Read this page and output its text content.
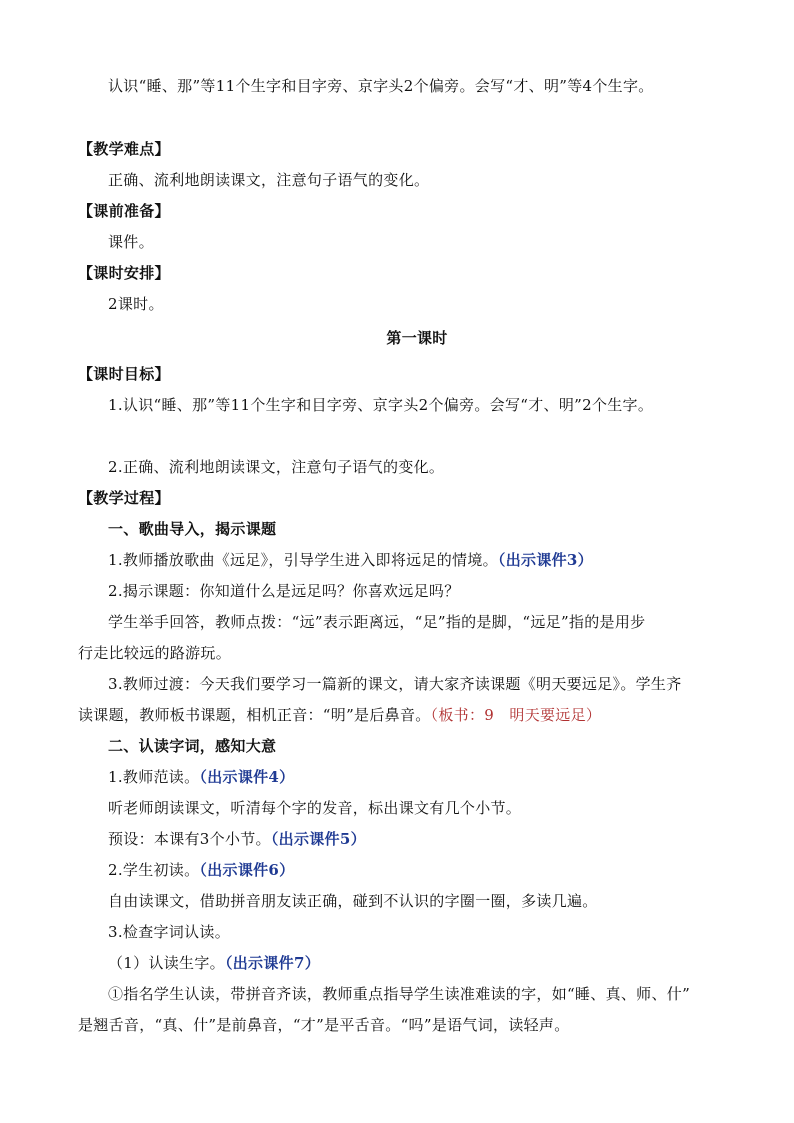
认识“睡、那”等11个生字和目字旁、京字头2个偏旁。会写“才、明”等4个生字。
【教学难点】
正确、流利地朗读课文，注意句子语气的变化。
【课前准备】
课件。
【课时安排】
2课时。
第一课时
【课时目标】
1.认识“睡、那”等11个生字和目字旁、京字头2个偏旁。会写“才、明”2个生字。
2.正确、流利地朗读课文，注意句子语气的变化。
【教学过程】
一、歌曲导入，揭示课题
1.教师播放歌曲《远足》，引导学生进入即将远足的情境。（出示课件3）
2.揭示课题：你知道什么是远足吗？你喜欢远足吗？
学生举手回答，教师点拨：“远”表示距离远，“足”指的是脚，“远足”指的是用步
行走比较远的路游玩。
3.教师过渡：今天我们要学习一篇新的课文，请大家齐读课题《明天要远足》。学生齐
读课题，教师板书课题，相机正音：“明”是后鼻音。（板书：9　明天要远足）
二、认读字词，感知大意
1.教师范读。（出示课件4）
听老师朗读课文，听清每个字的发音，标出课文有几个小节。
预设：本课有3个小节。（出示课件5）
2.学生初读。（出示课件6）
自由读课文，借助拼音朋友读正确，碰到不认识的字圈一圈，多读几遍。
3.检查字词认读。
（1）认读生字。（出示课件7）
①指名学生认读，带拼音齐读，教师重点指导学生读准难读的字，如“睡、真、师、什”
是翘舌音，“真、什”是前鼻音，“才”是平舌音。“吗”是语气词，读轻声。
